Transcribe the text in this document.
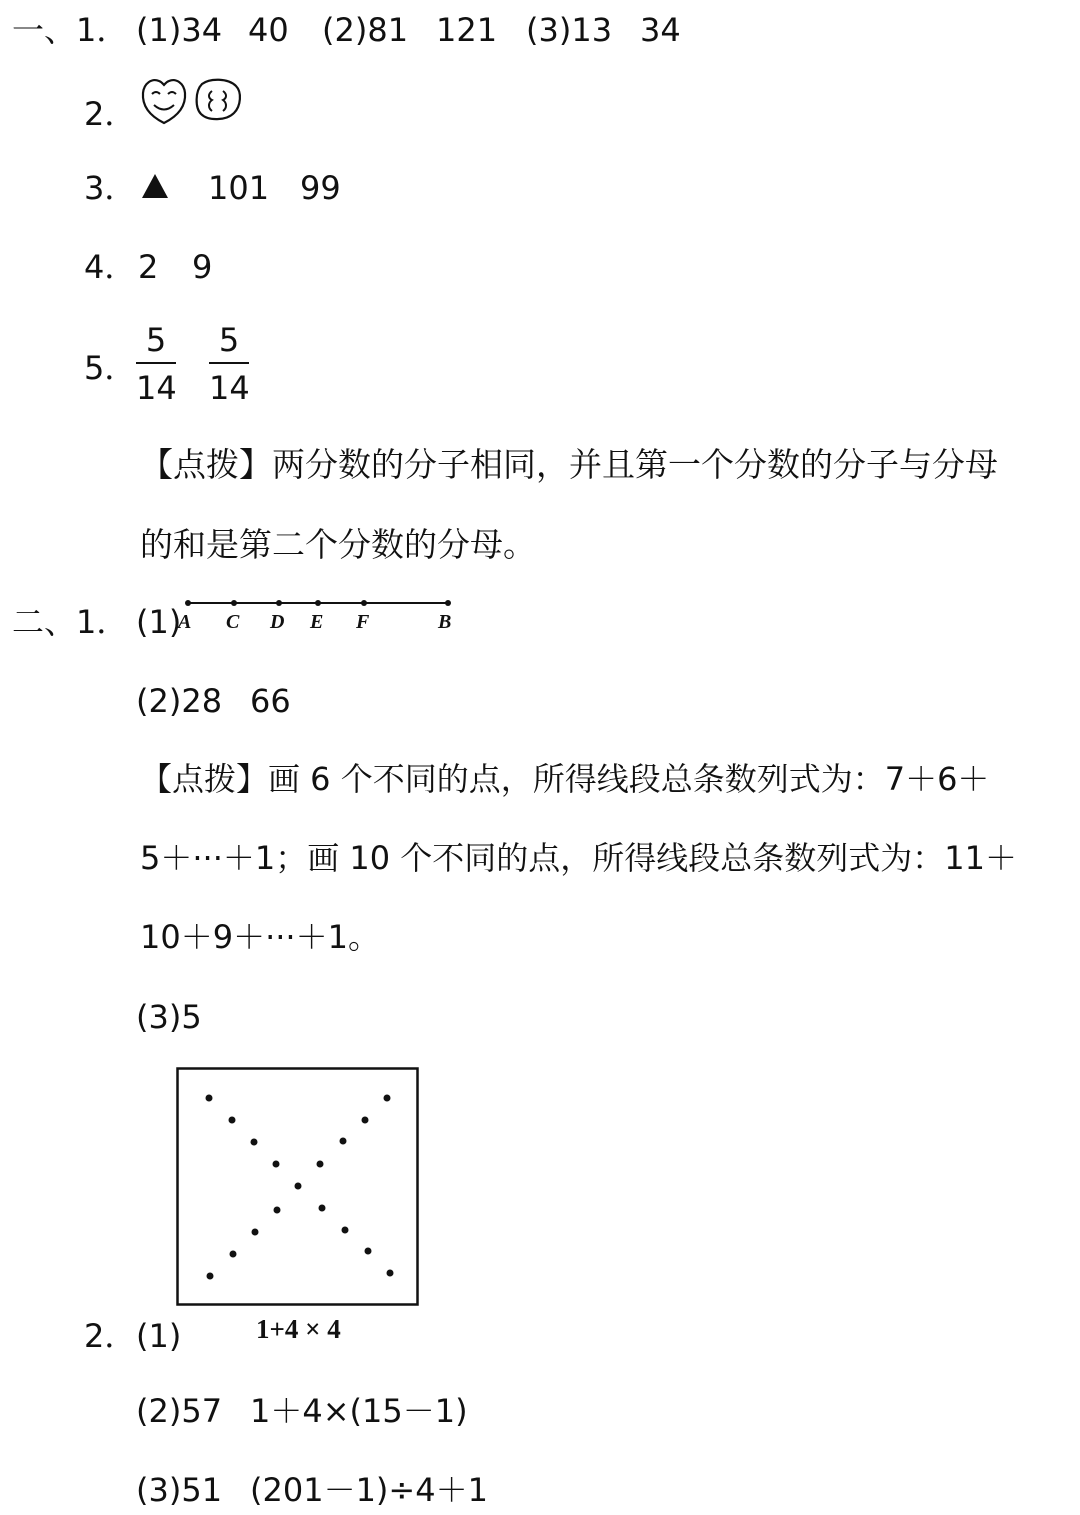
一、1． (1)34 40 (2)81 121 (3)13 34
2．
3． 101 99
4． 2 9
5．
5
14
5
14
【点拨】两分数的分子相同，并且第一个分数的分子与分母
的和是第二个分数的分母。
二、1． (1)
A C D E F	B
(2)28 66
【点拨】画 6 个不同的点，所得线段总条数列式为：7＋6＋
5＋···＋1；画 10 个不同的点，所得线段总条数列式为：11＋
10＋9＋···＋1。
(3)5
2． (1)	1+4 × 4
(2)57 1＋4×(15－1)
(3)51 (201－1)÷4＋1
